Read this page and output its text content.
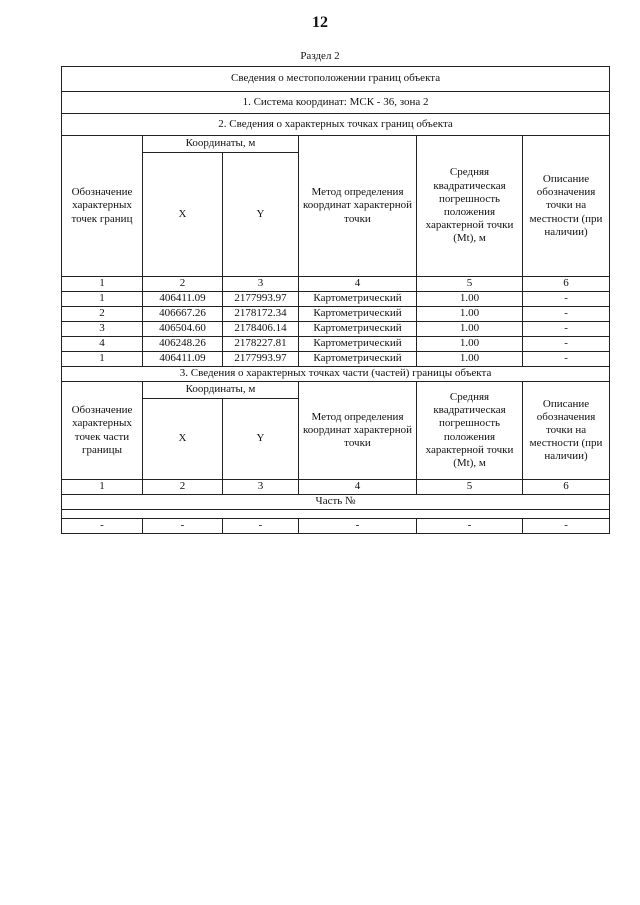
12
Раздел 2
Сведения о местоположении границ объекта					
1. Система координат: МСК - 36, зона 2					
2. Сведения о характерных точках границ объекта					
Обозначение характерных точек границ	Координаты, м		Метод определения координат характерной точки	Средняя квадратическая погрешность положения характерной точки (Mt), м	Описание обозначения точки на местности (при наличии)
	X	Y			
1	2	3	4	5	6
1	406411.09	2177993.97	Картометрический	1.00	-
2	406667.26	2178172.34	Картометрический	1.00	-
3	406504.60	2178406.14	Картометрический	1.00	-
4	406248.26	2178227.81	Картометрический	1.00	-
1	406411.09	2177993.97	Картометрический	1.00	-
3. Сведения о характерных точках части (частей) границы объекта					
Обозначение характерных точек части границы	Координаты, м		Метод определения координат характерной точки	Средняя квадратическая погрешность положения характерной точки (Mt), м	Описание обозначения точки на местности (при наличии)
	X	Y			
1	2	3	4	5	6
Часть №					

-	-	-	-	-	-
